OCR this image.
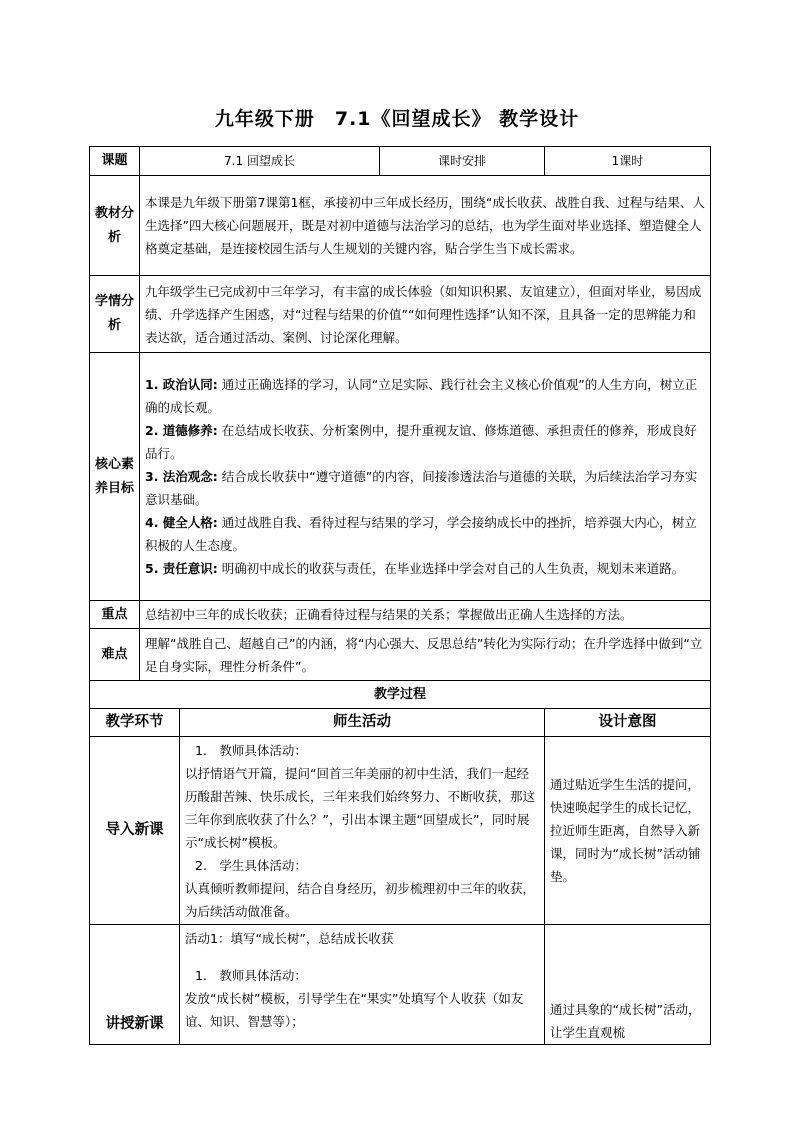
九年级下册　7.1《回望成长》 教学设计
课题	7.1 回望成长		课时安排	1课时
教材分析	本课是九年级下册第7课第1框，承接初中三年成长经历，围绕“成长收获、战胜自我、过程与结果、人生选择”四大核心问题展开，既是对初中道德与法治学习的总结，也为学生面对毕业选择、塑造健全人格奠定基础，是连接校园生活与人生规划的关键内容，贴合学生当下成长需求。			
学情分析	九年级学生已完成初中三年学习，有丰富的成长体验（如知识积累、友谊建立），但面对毕业，易因成绩、升学选择产生困惑，对“过程与结果的价值”“如何理性选择”认知不深，且具备一定的思辨能力和表达欲，适合通过活动、案例、讨论深化理解。			
核心素养目标	1. 政治认同: 通过正确选择的学习，认同“立足实际、践行社会主义核心价值观”的人生方向，树立正确的成长观。

2. 道德修养: 在总结成长收获、分析案例中，提升重视友谊、修炼道德、承担责任的修养，形成良好品行。

3. 法治观念: 结合成长收获中“遵守道德”的内容，间接渗透法治与道德的关联，为后续法治学习夯实意识基础。

4. 健全人格: 通过战胜自我、看待过程与结果的学习，学会接纳成长中的挫折，培养强大内心，树立积极的人生态度。

5. 责任意识: 明确初中成长的收获与责任，在毕业选择中学会对自己的人生负责，规划未来道路。			

重点	总结初中三年的成长收获；正确看待过程与结果的关系；掌握做出正确人生选择的方法。			
难点	理解“战胜自己、超越自己”的内涵，将“内心强大、反思总结”转化为实际行动；在升学选择中做到“立足自身实际，理性分析条件”。			
教学过程				
教学环节		师生活动		设计意图
导入新课		1.　教师具体活动：

以抒情语气开篇，提问“回首三年美丽的初中生活，我们一起经历酸甜苦辣、快乐成长，三年来我们始终努力、不断收获，那这三年你到底收获了什么？”，引出本课主题“回望成长”，同时展示“成长树”模板。

2.　学生具体活动：

认真倾听教师提问，结合自身经历，初步梳理初中三年的收获，为后续活动做准备。		通过贴近学生生活的提问，快速唤起学生的成长记忆，拉近师生距离，自然导入新课，同时为“成长树”活动铺垫。
讲授新课		活动1：填写“成长树”，总结成长收获

1.　教师具体活动：

发放“成长树”模板，引导学生在“果实”处填写个人收获（如友谊、知识、智慧等）；		通过具象的“成长树”活动，让学生直观梳
